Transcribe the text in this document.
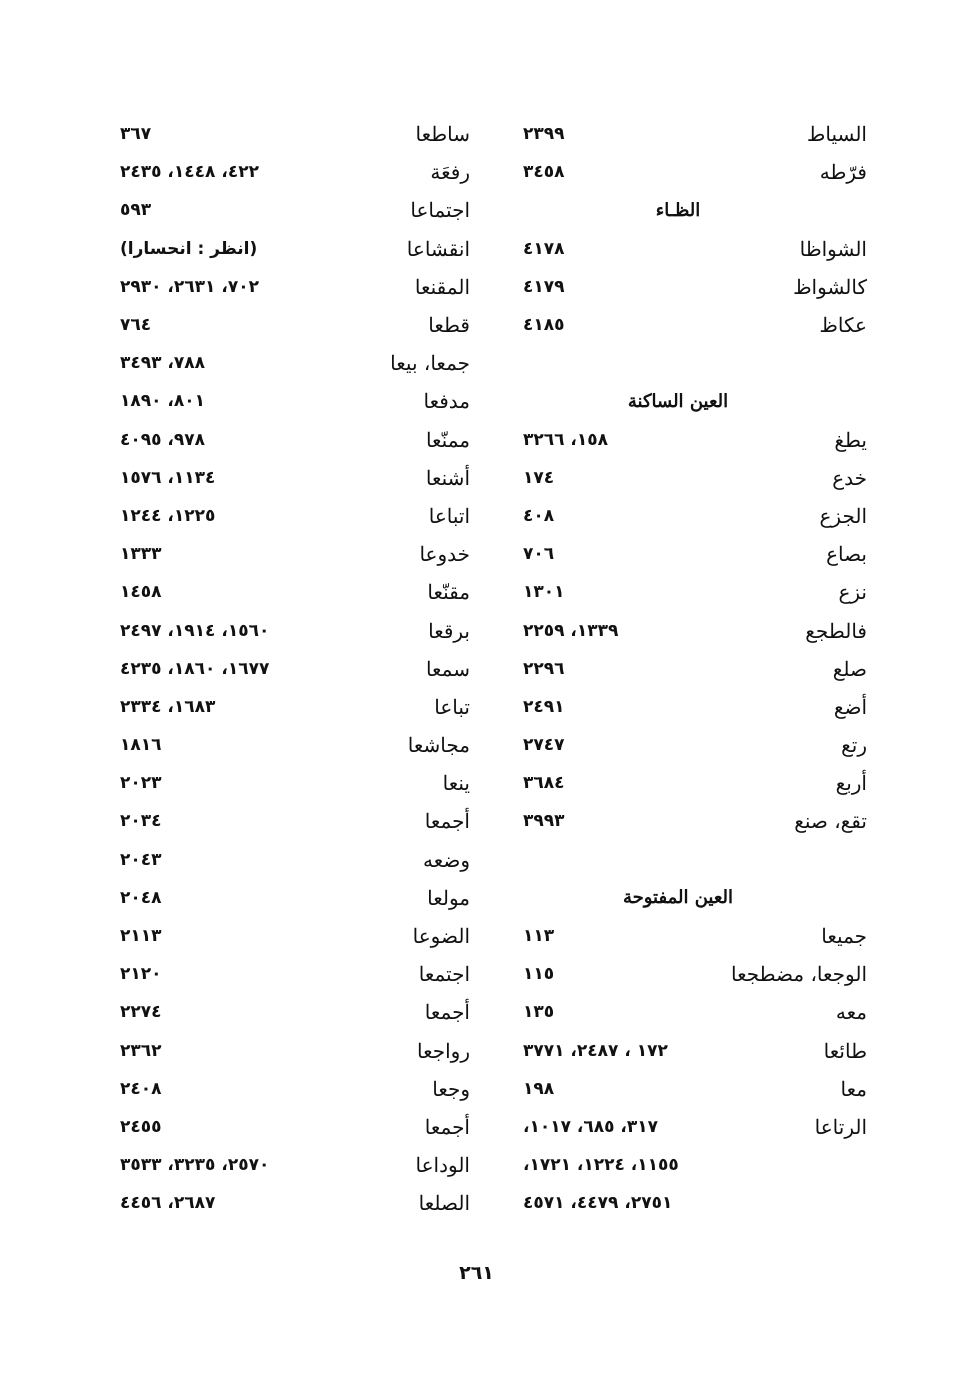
السياط
٢٣٩٩
فرّطه
٣٤٥٨
الظـاء
الشواظا
٤١٧٨
كالشواظ
٤١٧٩
عكاظ
٤١٨٥
العين الساكنة
يطغ
١٥٨، ٣٢٦٦
خدع
١٧٤
الجزع
٤٠٨
بصاع
٧٠٦
نزع
١٣٠١
فالطجع
١٣٣٩، ٢٢٥٩
صلع
٢٢٩٦
أضع
٢٤٩١
رتع
٢٧٤٧
أربع
٣٦٨٤
تقع، صنع
٣٩٩٣
العين المفتوحة
جميعا
١١٣
الوجعا، مضطجعا
١١٥
معه
١٣٥
طائعا
١٧٢ ، ٢٤٨٧، ٣٧٧١
معا
١٩٨
الرتاعا
٣١٧، ٦٨٥، ١٠١٧،
١١٥٥، ١٢٢٤، ١٧٢١،
٢٧٥١، ٤٤٧٩، ٤٥٧١
ساطعا
٣٦٧
رفعَة
٤٢٢، ١٤٤٨، ٢٤٣٥
اجتماعا
٥٩٣
انقشاعا
(انظر : انحسارا)
المقنعا
٧٠٢، ٢٦٣١، ٢٩٣٠
قطعا
٧٦٤
جمعا، بيعا
٧٨٨، ٣٤٩٣
مدفعا
٨٠١، ١٨٩٠
ممنّعا
٩٧٨، ٤٠٩٥
أشنعا
١١٣٤، ١٥٧٦
اتباعا
١٢٢٥، ١٢٤٤
خدوعا
١٣٣٣
مقنّعا
١٤٥٨
برقعا
١٥٦٠، ١٩١٤، ٢٤٩٧
سمعا
١٦٧٧، ١٨٦٠، ٤٢٣٥
تباعا
١٦٨٣، ٢٣٣٤
مجاشعا
١٨١٦
ينعا
٢٠٢٣
أجمعا
٢٠٣٤
وضعه
٢٠٤٣
مولعا
٢٠٤٨
الضوعا
٢١١٣
اجتمعا
٢١٢٠
أجمعا
٢٢٧٤
رواجعا
٢٣٦٢
وجعا
٢٤٠٨
أجمعا
٢٤٥٥
الوداعا
٢٥٧٠، ٣٢٣٥، ٣٥٣٣
الصلعا
٢٦٨٧، ٤٤٥٦
٢٦١
